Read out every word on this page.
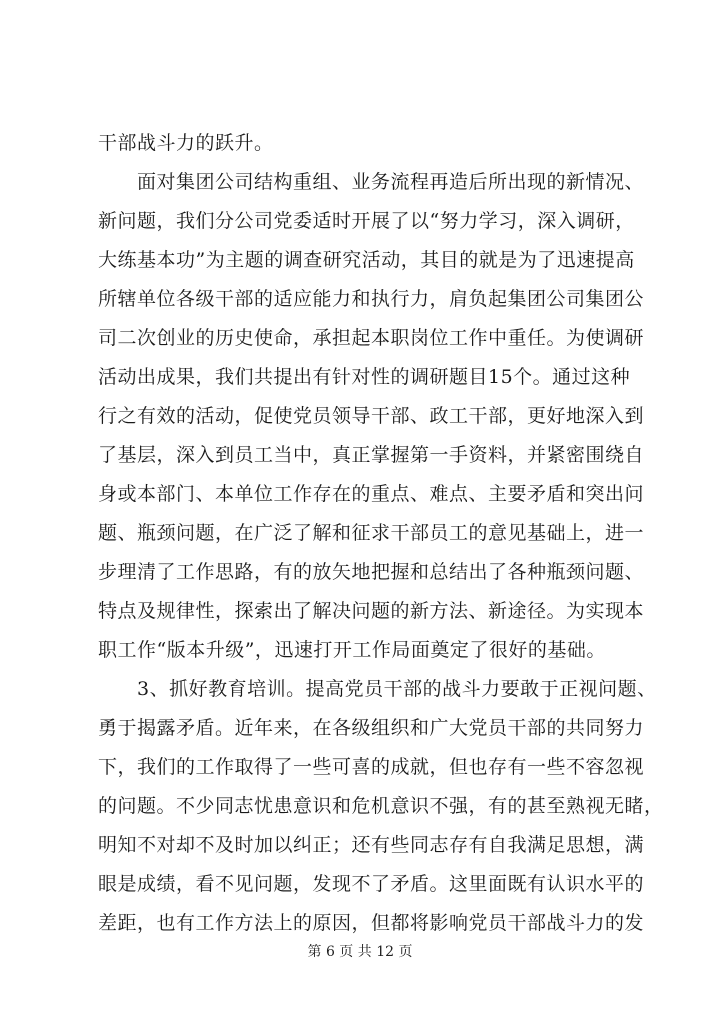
干部战斗力的跃升。
　　面对集团公司结构重组、业务流程再造后所出现的新情况、
新问题，我们分公司党委适时开展了以“努力学习，深入调研，
大练基本功”为主题的调查研究活动，其目的就是为了迅速提高
所辖单位各级干部的适应能力和执行力，肩负起集团公司集团公
司二次创业的历史使命，承担起本职岗位工作中重任。为使调研
活动出成果，我们共提出有针对性的调研题目15个。通过这种
行之有效的活动，促使党员领导干部、政工干部，更好地深入到
了基层，深入到员工当中，真正掌握第一手资料，并紧密围绕自
身或本部门、本单位工作存在的重点、难点、主要矛盾和突出问
题、瓶颈问题，在广泛了解和征求干部员工的意见基础上，进一
步理清了工作思路，有的放矢地把握和总结出了各种瓶颈问题、
特点及规律性，探索出了解决问题的新方法、新途径。为实现本
职工作“版本升级”，迅速打开工作局面奠定了很好的基础。
　　3、抓好教育培训。提高党员干部的战斗力要敢于正视问题、
勇于揭露矛盾。近年来，在各级组织和广大党员干部的共同努力
下，我们的工作取得了一些可喜的成就，但也存有一些不容忽视
的问题。不少同志忧患意识和危机意识不强，有的甚至熟视无睹，
明知不对却不及时加以纠正；还有些同志存有自我满足思想，满
眼是成绩，看不见问题，发现不了矛盾。这里面既有认识水平的
差距，也有工作方法上的原因，但都将影响党员干部战斗力的发
第 6 页 共 12 页
